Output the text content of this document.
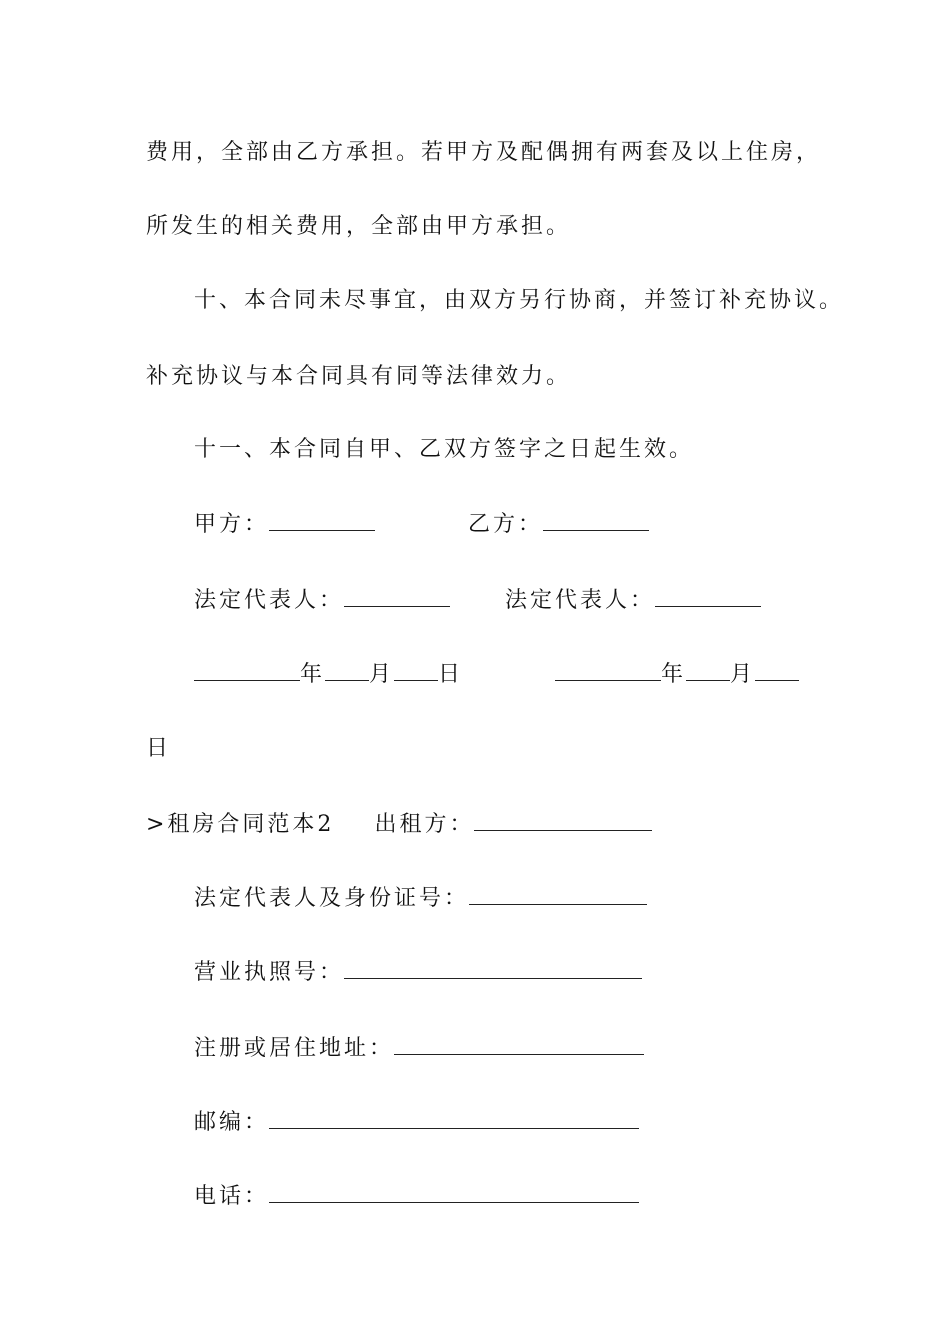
费用，全部由乙方承担。若甲方及配偶拥有两套及以上住房，
所发生的相关费用，全部由甲方承担。
十、本合同未尽事宜，由双方另行协商，并签订补充协议。
补充协议与本合同具有同等法律效力。
十一、本合同自甲、乙双方签字之日起生效。
甲方：	乙方：
法定代表人：	法定代表人：
年 月 日	年 月
日
>租房合同范本2 出租方：
法定代表人及身份证号：
营业执照号：
注册或居住地址：
邮编：
电话：
